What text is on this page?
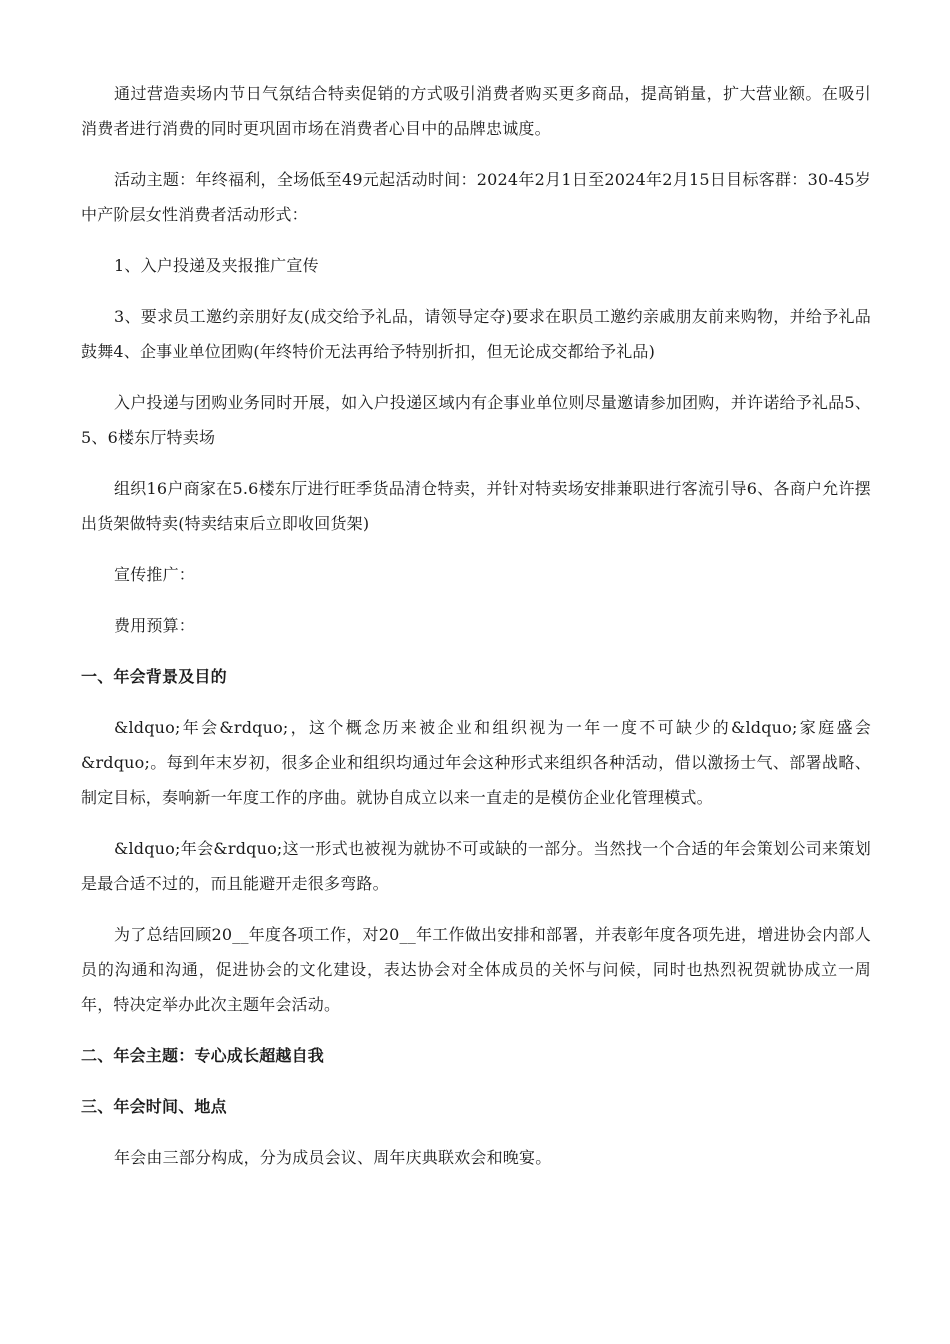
通过营造卖场内节日气氛结合特卖促销的方式吸引消费者购买更多商品，提高销量，扩大营业额。在吸引消费者进行消费的同时更巩固市场在消费者心目中的品牌忠诚度。

活动主题：年终福利，全场低至49元起活动时间：2024年2月1日至2024年2月15日目标客群：30-45岁中产阶层女性消费者活动形式：

1、入户投递及夹报推广宣传

3、要求员工邀约亲朋好友(成交给予礼品，请领导定夺)要求在职员工邀约亲戚朋友前来购物，并给予礼品鼓舞4、企事业单位团购(年终特价无法再给予特别折扣，但无论成交都给予礼品)

入户投递与团购业务同时开展，如入户投递区域内有企事业单位则尽量邀请参加团购，并许诺给予礼品5、5、6楼东厅特卖场

组织16户商家在5.6楼东厅进行旺季货品清仓特卖，并针对特卖场安排兼职进行客流引导6、各商户允许摆出货架做特卖(特卖结束后立即收回货架)

宣传推广：

费用预算：

一、年会背景及目的

&ldquo;年会&rdquo;，这个概念历来被企业和组织视为一年一度不可缺少的&ldquo;家庭盛会&rdquo;。每到年末岁初，很多企业和组织均通过年会这种形式来组织各种活动，借以激扬士气、部署战略、制定目标，奏响新一年度工作的序曲。就协自成立以来一直走的是模仿企业化管理模式。

&ldquo;年会&rdquo;这一形式也被视为就协不可或缺的一部分。当然找一个合适的年会策划公司来策划是最合适不过的，而且能避开走很多弯路。

为了总结回顾20__年度各项工作，对20__年工作做出安排和部署，并表彰年度各项先进，增进协会内部人员的沟通和沟通，促进协会的文化建设，表达协会对全体成员的关怀与问候，同时也热烈祝贺就协成立一周年，特决定举办此次主题年会活动。

二、年会主题：专心成长超越自我

三、年会时间、地点

年会由三部分构成，分为成员会议、周年庆典联欢会和晚宴。
